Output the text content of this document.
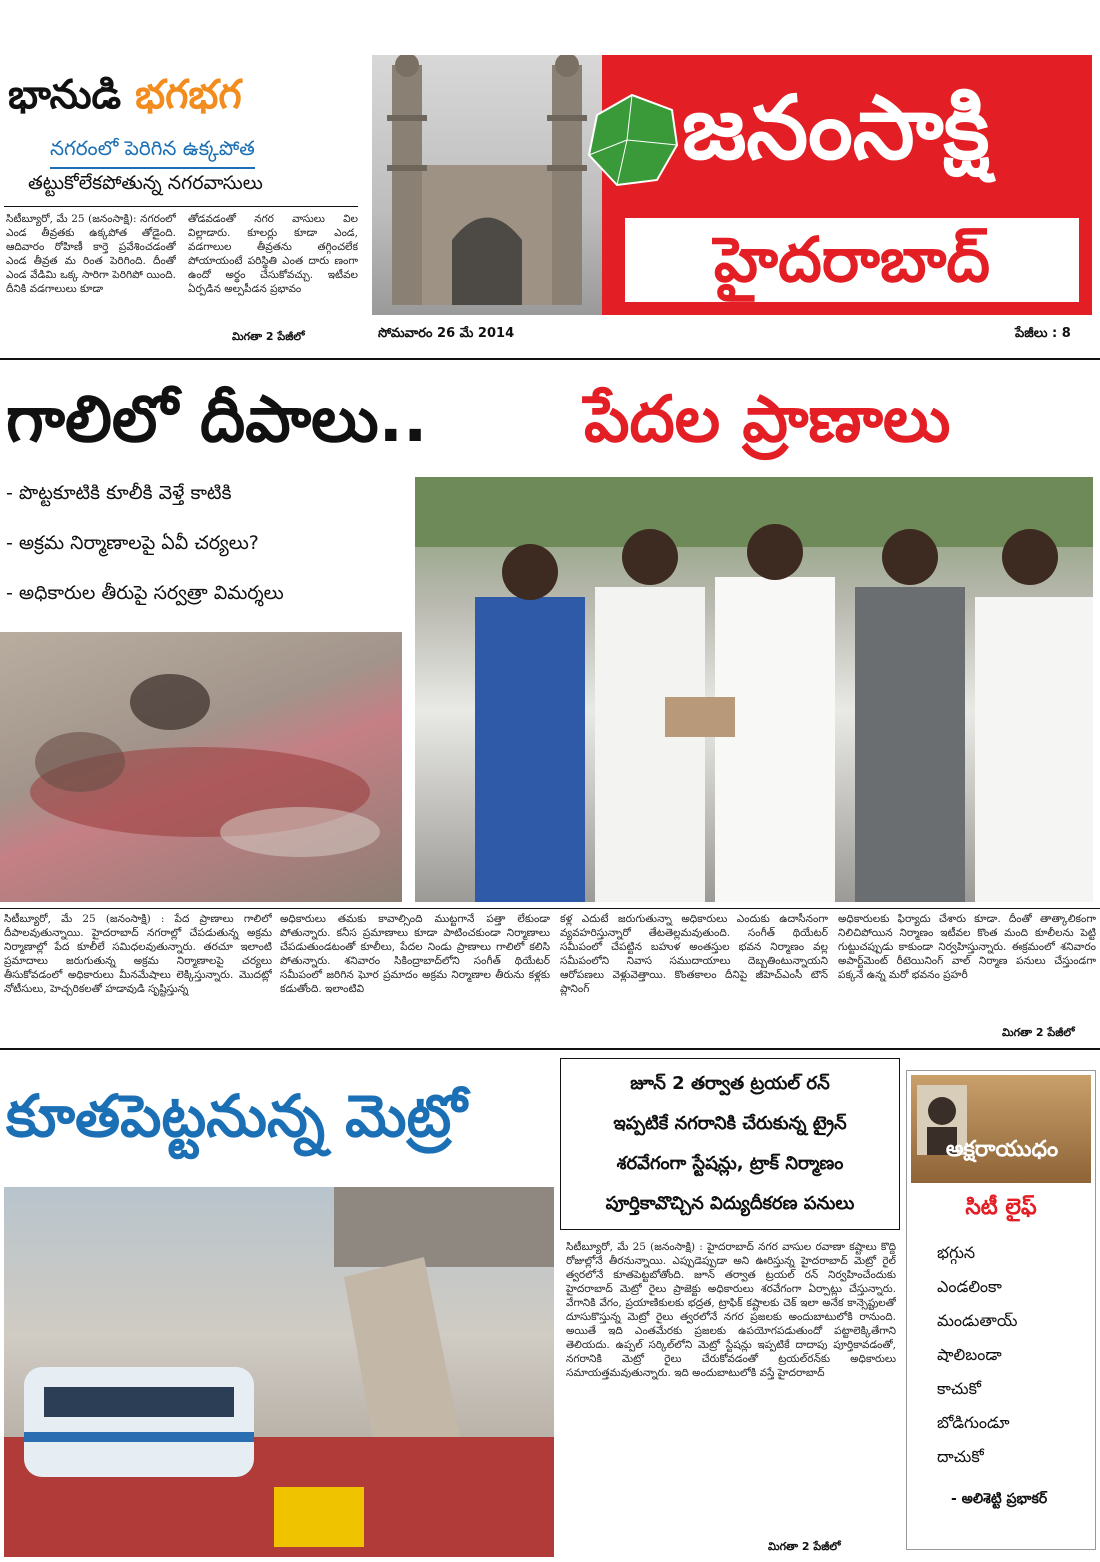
భానుడి భగభగ
నగరంలో పెరిగిన ఉక్కపోత
తట్టుకోలేకపోతున్న నగరవాసులు
సిటీబ్యూరో, మే 25 (జనంసాక్షి): నగరంలో ఎండ తీవ్రతకు ఉక్కపోత తోడైంది. ఆదివారం రోహిణీ కార్తె ప్రవేశించడంతో ఎండ తీవ్రత మ రింత పెరిగింది. దీంతో ఎండ వేడిమి ఒక్క సారిగా పెరిగిపో యింది. దీనికి వడగాలులు కూడా
తోడవడంతో నగర వాసులు విల విల్లాడారు. కూలర్లు కూడా ఎండ, వడగాలుల తీవ్రతను తగ్గించలేక పోయాయంటే పరిస్థితి ఎంత దారు ణంగా ఉందో అర్థం చేసుకోవచ్చు. ఇటీవల ఏర్పడిన అల్పపీడన ప్రభావం
మిగతా 2 పేజీలో
జనంసాక్షి
హైదరాబాద్
సోమవారం 26 మే 2014	పేజీలు : 8
గాలిలో దీపాలు.. పేదల ప్రాణాలు
- పొట్టకూటికి కూలీకి వెళ్తే కాటికి
- అక్రమ నిర్మాణాలపై ఏవీ చర్యలు?
- అధికారుల తీరుపై సర్వత్రా విమర్శలు
సిటీబ్యూరో, మే 25 (జనంసాక్షి) : పేద ప్రాణాలు గాలిలో దీపాలవుతున్నాయి. హైదరాబాద్ నగరాల్లో చేపడుతున్న అక్రమ నిర్మాణాల్లో పేద కూలీలే సమిధలవుతున్నారు. తరచూ ఇలాంటి ప్రమాదాలు జరుగుతున్న అక్రమ నిర్మాణాలపై చర్యలు తీసుకోవడంలో అధికారులు మీనమేషాలు లెక్కిస్తున్నారు. మొదట్లో నోటీసులు, హెచ్చరికలతో హడావుడి సృష్టిస్తున్న
అధికారులు తమకు కావాల్సింది ముట్టగానే పత్తా లేకుండా పోతున్నారు. కనీస ప్రమాణాలు కూడా పాటించకుండా నిర్మాణాలు చేపడుతుండటంతో కూలీలు, పేదల నిండు ప్రాణాలు గాలిలో కలిసి పోతున్నారు. శనివారం సికింద్రాబాద్‌లోని సంగీత్ థియేటర్ సమీపంలో జరిగిన ఘోర ప్రమాదం అక్రమ నిర్మాణాల తీరును కళ్లకు కడుతోంది. ఇలాంటివి
కళ్ల ఎదుటే జరుగుతున్నా అధికారులు ఎందుకు ఉదాసీనంగా వ్యవహరిస్తున్నారో తేటతెల్లమవుతుంది. సంగీత్ థియేటర్ సమీపంలో చేపట్టిన బహుళ అంతస్తుల భవన నిర్మాణం వల్ల సమీపంలోని నివాస సముదాయాలు దెబ్బతింటున్నాయని ఆరోపణలు వెళ్లువెత్తాయి. కొంతకాలం దీనిపై జీహెచ్ఎంసీ టౌన్ ప్లానింగ్
అధికారులకు ఫిర్యాదు చేశారు కూడా. దీంతో తాత్కాలికంగా నిలిచిపోయిన నిర్మాణం ఇటీవల కొంత మంది కూలీలను పెట్టి గుట్టుచప్పుడు కాకుండా నిర్వహిస్తున్నారు. ఈక్రమంలో శనివారం అపార్ట్‌మెంట్ రీటెయినింగ్ వాల్ నిర్మాణ పనులు చేస్తుండగా పక్కనే ఉన్న మరో భవనం ప్రహరీ
మిగతా 2 పేజీలో
కూతపెట్టనున్న మెట్రో	జూన్ 2 తర్వాత ట్రయల్ రన్
ఇప్పటికే నగరానికి చేరుకున్న ట్రైన్
శరవేగంగా స్టేషన్లు, ట్రాక్ నిర్మాణం
పూర్తికావొచ్చిన విద్యుదీకరణ పనులు
సిటీబ్యూరో, మే 25 (జనంసాక్షి) : హైదరాబాద్ నగర వాసుల రవాణా కష్టాలు కొద్ది రోజుల్లోనే తీరనున్నాయి. ఎప్పుడెప్పుడా అని ఊరిస్తున్న హైదరాబాద్ మెట్రో రైల్ త్వరలోనే కూతపెట్టబోతోంది. జూన్ తర్వాత ట్రయల్ రన్ నిర్వహించేందుకు హైదరాబాద్ మెట్రో రైలు ప్రాజెక్టు అధికారులు శరవేగంగా ఏర్పాట్లు చేస్తున్నారు. వేగానికి వేగం, ప్రయాణికులకు భద్రత, ట్రాఫిక్ కష్టాలకు చెక్ ఇలా అనేక కాన్సెప్టులతో దూసుకొస్తున్న మెట్రో రైలు త్వరలోనే నగర ప్రజలకు అందుబాటులోకి రానుంది. అయితే ఇది ఎంతమేరకు ప్రజలకు ఉపయోగపడుతుందో పట్టాలెక్కితేగాని తెలియదు. ఉప్పల్ సర్కిల్‌లోని మెట్రో స్టేషన్లు ఇప్పటికే దాదాపు పూర్తికావడంతో, నగరానికి మెట్రో రైలు చేరుకోవడంతో ట్రయల్‌రన్‌కు అధికారులు సమాయత్తమవుతున్నారు. ఇది అందుబాటులోకి వస్తే హైదరాబాద్
మిగతా 2 పేజీలో
అక్షరాయుధం
సిటీ లైఫ్
భగ్గున
ఎండలింకా
మండుతాయ్
షాలిబండా
కాచుకో
బోడిగుండూ
దాచుకో
- అలిశెట్టి ప్రభాకర్
